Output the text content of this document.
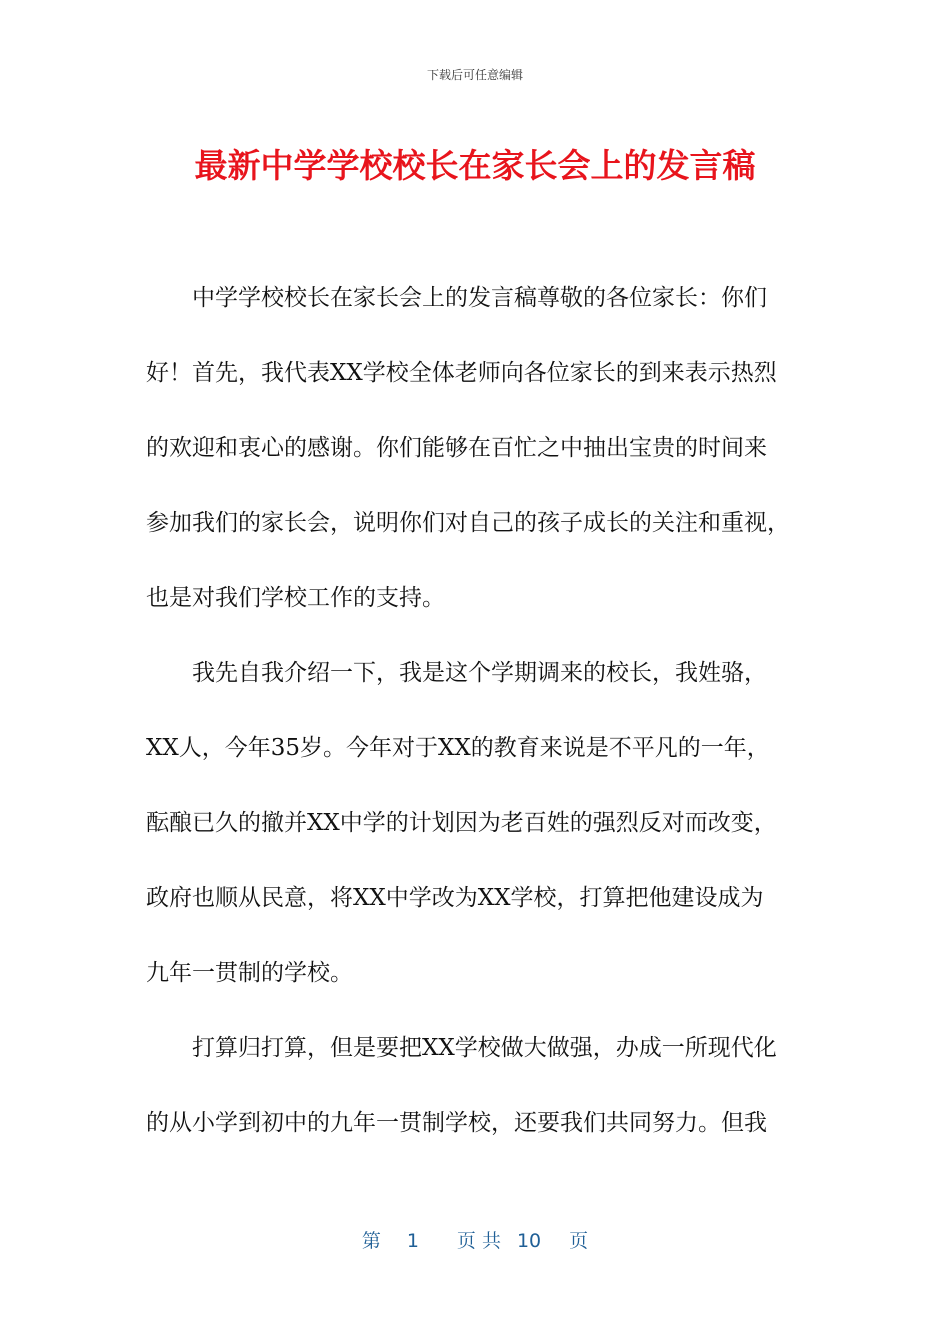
下载后可任意编辑
最新中学学校校长在家长会上的发言稿
　　中学学校校长在家长会上的发言稿尊敬的各位家长：你们
好！首先，我代表XX学校全体老师向各位家长的到来表示热烈
的欢迎和衷心的感谢。你们能够在百忙之中抽出宝贵的时间来
参加我们的家长会，说明你们对自己的孩子成长的关注和重视，
也是对我们学校工作的支持。
　　我先自我介绍一下，我是这个学期调来的校长，我姓骆，
XX人，今年35岁。今年对于XX的教育来说是不平凡的一年，
酝酿已久的撤并XX中学的计划因为老百姓的强烈反对而改变，
政府也顺从民意，将XX中学改为XX学校，打算把他建设成为
九年一贯制的学校。
　　打算归打算，但是要把XX学校做大做强，办成一所现代化
的从小学到初中的九年一贯制学校，还要我们共同努力。但我
第 1 页 共 10 页
